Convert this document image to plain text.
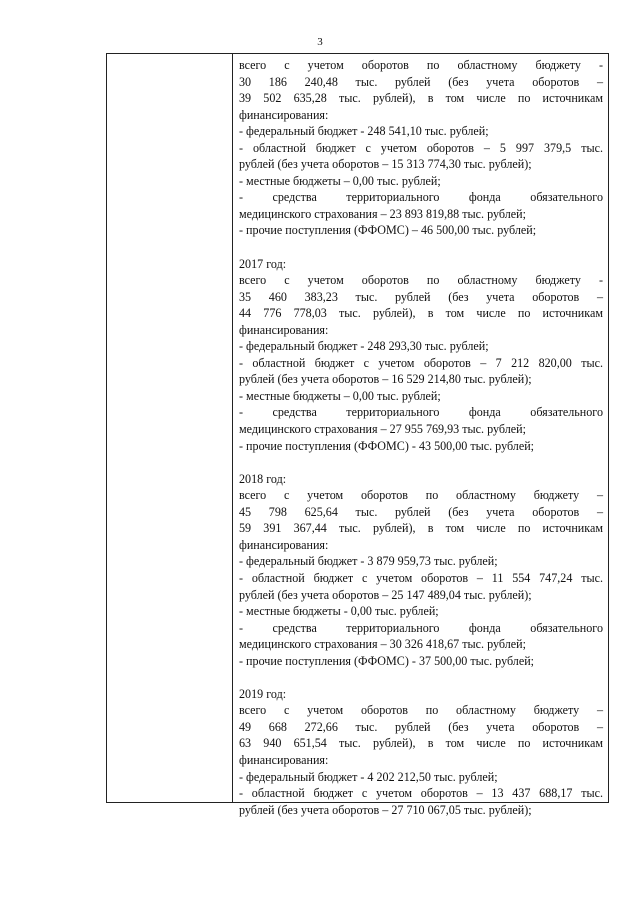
3
всего с учетом оборотов по областному бюджету -
30 186 240,48 тыс. рублей (без учета оборотов –
39 502 635,28 тыс. рублей), в том числе по источникам
финансирования:
- федеральный бюджет - 248 541,10 тыс. рублей;
- областной бюджет с учетом оборотов – 5 997 379,5 тыс.
рублей (без учета оборотов – 15 313 774,30 тыс. рублей);
- местные бюджеты – 0,00 тыс. рублей;
- средства территориального фонда обязательного
медицинского страхования – 23 893 819,88 тыс. рублей;
- прочие поступления (ФФОМС) – 46 500,00 тыс. рублей;
2017 год:
всего с учетом оборотов по областному бюджету -
35 460 383,23 тыс. рублей (без учета оборотов –
44 776 778,03 тыс. рублей), в том числе по источникам
финансирования:
- федеральный бюджет - 248 293,30 тыс. рублей;
- областной бюджет с учетом оборотов – 7 212 820,00 тыс.
рублей (без учета оборотов – 16 529 214,80 тыс. рублей);
- местные бюджеты – 0,00 тыс. рублей;
- средства территориального фонда обязательного
медицинского страхования – 27 955 769,93 тыс. рублей;
- прочие поступления (ФФОМС) - 43 500,00 тыс. рублей;
2018 год:
всего с учетом оборотов по областному бюджету –
45 798 625,64 тыс. рублей (без учета оборотов –
59 391 367,44 тыс. рублей), в том числе по источникам
финансирования:
- федеральный бюджет - 3 879 959,73 тыс. рублей;
- областной бюджет с учетом оборотов – 11 554 747,24 тыс.
рублей (без учета оборотов – 25 147 489,04 тыс. рублей);
- местные бюджеты - 0,00 тыс. рублей;
- средства территориального фонда обязательного
медицинского страхования – 30 326 418,67 тыс. рублей;
- прочие поступления (ФФОМС) - 37 500,00 тыс. рублей;
2019 год:
всего с учетом оборотов по областному бюджету –
49 668 272,66 тыс. рублей (без учета оборотов –
63 940 651,54 тыс. рублей), в том числе по источникам
финансирования:
- федеральный бюджет - 4 202 212,50 тыс. рублей;
- областной бюджет с учетом оборотов – 13 437 688,17 тыс.
рублей (без учета оборотов – 27 710 067,05 тыс. рублей);
